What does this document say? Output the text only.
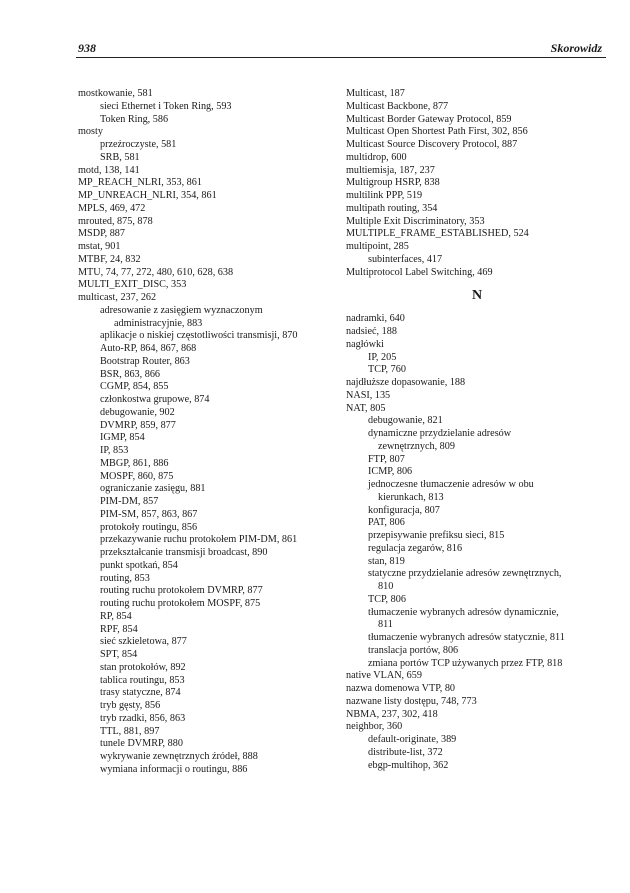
938	Skorowidz
mostkowanie, 581
sieci Ethernet i Token Ring, 593
Token Ring, 586
mosty
przeźroczyste, 581
SRB, 581
motd, 138, 141
MP_REACH_NLRI, 353, 861
MP_UNREACH_NLRI, 354, 861
MPLS, 469, 472
mrouted, 875, 878
MSDP, 887
mstat, 901
MTBF, 24, 832
MTU, 74, 77, 272, 480, 610, 628, 638
MULTI_EXIT_DISC, 353
multicast, 237, 262
adresowanie z zasięgiem wyznaczonym
administracyjnie, 883
aplikacje o niskiej częstotliwości transmisji, 870
Auto-RP, 864, 867, 868
Bootstrap Router, 863
BSR, 863, 866
CGMP, 854, 855
członkostwa grupowe, 874
debugowanie, 902
DVMRP, 859, 877
IGMP, 854
IP, 853
MBGP, 861, 886
MOSPF, 860, 875
ograniczanie zasięgu, 881
PIM-DM, 857
PIM-SM, 857, 863, 867
protokoły routingu, 856
przekazywanie ruchu protokołem PIM-DM, 861
przekształcanie transmisji broadcast, 890
punkt spotkań, 854
routing, 853
routing ruchu protokołem DVMRP, 877
routing ruchu protokołem MOSPF, 875
RP, 854
RPF, 854
sieć szkieletowa, 877
SPT, 854
stan protokołów, 892
tablica routingu, 853
trasy statyczne, 874
tryb gęsty, 856
tryb rzadki, 856, 863
TTL, 881, 897
tunele DVMRP, 880
wykrywanie zewnętrznych źródeł, 888
wymiana informacji o routingu, 886
Multicast, 187
Multicast Backbone, 877
Multicast Border Gateway Protocol, 859
Multicast Open Shortest Path First, 302, 856
Multicast Source Discovery Protocol, 887
multidrop, 600
multiemisja, 187, 237
Multigroup HSRP, 838
multilink PPP, 519
multipath routing, 354
Multiple Exit Discriminatory, 353
MULTIPLE_FRAME_ESTABLISHED, 524
multipoint, 285
subinterfaces, 417
Multiprotocol Label Switching, 469
N
nadramki, 640
nadsieć, 188
nagłówki
IP, 205
TCP, 760
najdłuższe dopasowanie, 188
NASI, 135
NAT, 805
debugowanie, 821
dynamiczne przydzielanie adresów
zewnętrznych, 809
FTP, 807
ICMP, 806
jednoczesne tłumaczenie adresów w obu
kierunkach, 813
konfiguracja, 807
PAT, 806
przepisywanie prefiksu sieci, 815
regulacja zegarów, 816
stan, 819
statyczne przydzielanie adresów zewnętrznych,
810
TCP, 806
tłumaczenie wybranych adresów dynamicznie,
811
tłumaczenie wybranych adresów statycznie, 811
translacja portów, 806
zmiana portów TCP używanych przez FTP, 818
native VLAN, 659
nazwa domenowa VTP, 80
nazwane listy dostępu, 748, 773
NBMA, 237, 302, 418
neighbor, 360
default-originate, 389
distribute-list, 372
ebgp-multihop, 362
